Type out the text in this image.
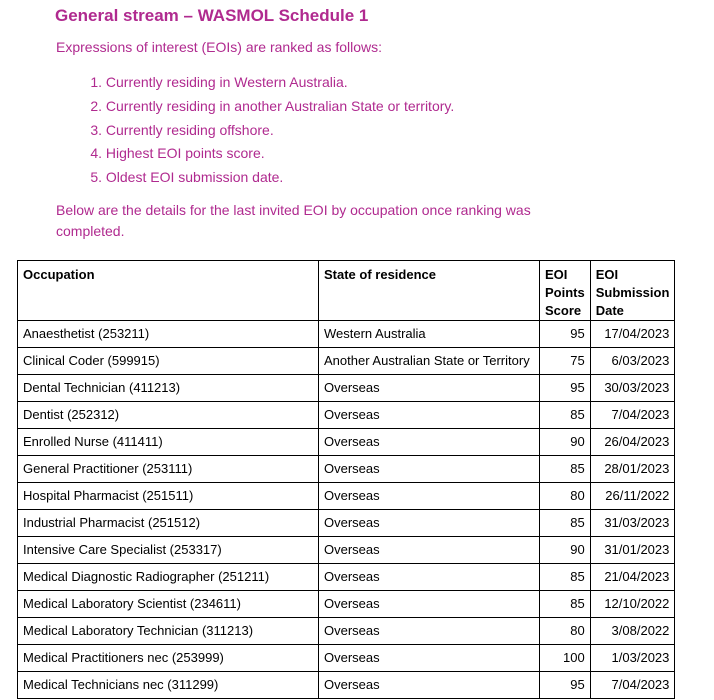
General stream – WASMOL Schedule 1
Expressions of interest (EOIs) are ranked as follows:
1. Currently residing in Western Australia.
2. Currently residing in another Australian State or territory.
3. Currently residing offshore.
4. Highest EOI points score.
5. Oldest EOI submission date.
Below are the details for the last invited EOI by occupation once ranking was completed.
Occupation	State of residence	EOI Points Score	EOI Submission Date
Anaesthetist (253211)	Western Australia	95	17/04/2023
Clinical Coder (599915)	Another Australian State or Territory	75	6/03/2023
Dental Technician (411213)	Overseas	95	30/03/2023
Dentist (252312)	Overseas	85	7/04/2023
Enrolled Nurse (411411)	Overseas	90	26/04/2023
General Practitioner (253111)	Overseas	85	28/01/2023
Hospital Pharmacist (251511)	Overseas	80	26/11/2022
Industrial Pharmacist (251512)	Overseas	85	31/03/2023
Intensive Care Specialist (253317)	Overseas	90	31/01/2023
Medical Diagnostic Radiographer (251211)	Overseas	85	21/04/2023
Medical Laboratory Scientist (234611)	Overseas	85	12/10/2022
Medical Laboratory Technician (311213)	Overseas	80	3/08/2022
Medical Practitioners nec (253999)	Overseas	100	1/03/2023
Medical Technicians nec (311299)	Overseas	95	7/04/2023
